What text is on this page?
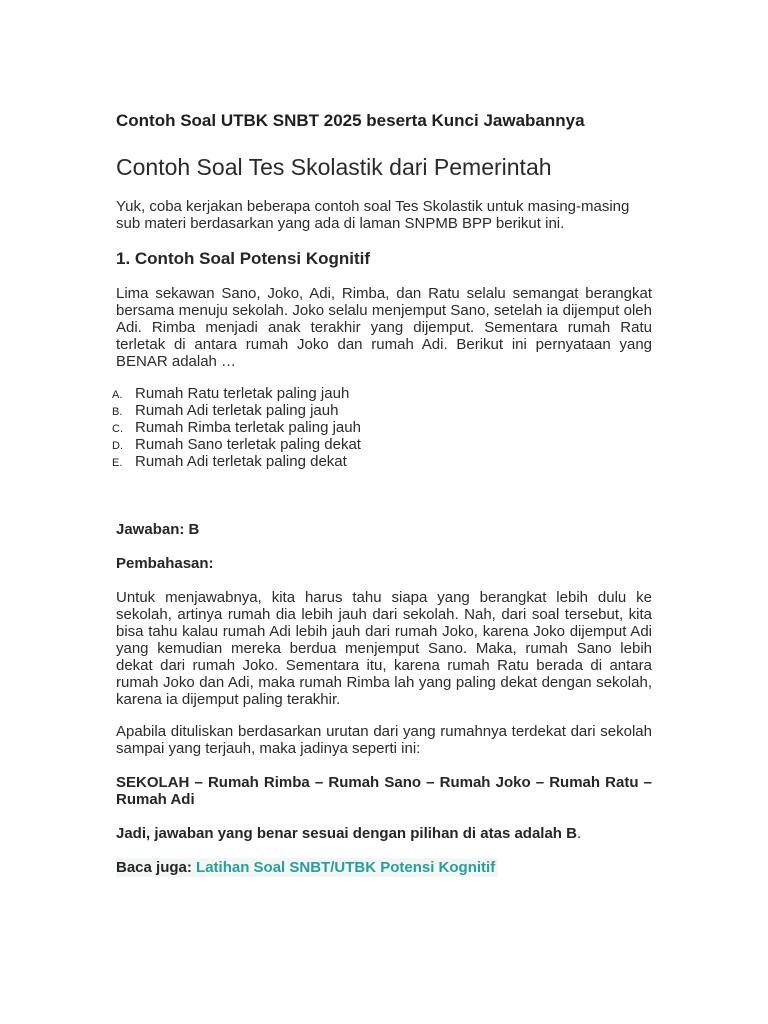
Contoh Soal UTBK SNBT 2025 beserta Kunci Jawabannya

Contoh Soal Tes Skolastik dari Pemerintah

Yuk, coba kerjakan beberapa contoh soal Tes Skolastik untuk masing-masing sub materi berdasarkan yang ada di laman SNPMB BPP berikut ini.

1. Contoh Soal Potensi Kognitif

Lima sekawan Sano, Joko, Adi, Rimba, dan Ratu selalu semangat berangkat bersama menuju sekolah. Joko selalu menjemput Sano, setelah ia dijemput oleh Adi. Rimba menjadi anak terakhir yang dijemput. Sementara rumah Ratu terletak di antara rumah Joko dan rumah Adi. Berikut ini pernyataan yang BENAR adalah …

A. Rumah Ratu terletak paling jauh
B. Rumah Adi terletak paling jauh
C. Rumah Rimba terletak paling jauh
D. Rumah Sano terletak paling dekat
E. Rumah Adi terletak paling dekat

Jawaban: B

Pembahasan:

Untuk menjawabnya, kita harus tahu siapa yang berangkat lebih dulu ke sekolah, artinya rumah dia lebih jauh dari sekolah. Nah, dari soal tersebut, kita bisa tahu kalau rumah Adi lebih jauh dari rumah Joko, karena Joko dijemput Adi yang kemudian mereka berdua menjemput Sano. Maka, rumah Sano lebih dekat dari rumah Joko. Sementara itu, karena rumah Ratu berada di antara rumah Joko dan Adi, maka rumah Rimba lah yang paling dekat dengan sekolah, karena ia dijemput paling terakhir.

Apabila dituliskan berdasarkan urutan dari yang rumahnya terdekat dari sekolah sampai yang terjauh, maka jadinya seperti ini:

SEKOLAH – Rumah Rimba – Rumah Sano – Rumah Joko – Rumah Ratu – Rumah Adi

Jadi, jawaban yang benar sesuai dengan pilihan di atas adalah B.

Baca juga: Latihan Soal SNBT/UTBK Potensi Kognitif
